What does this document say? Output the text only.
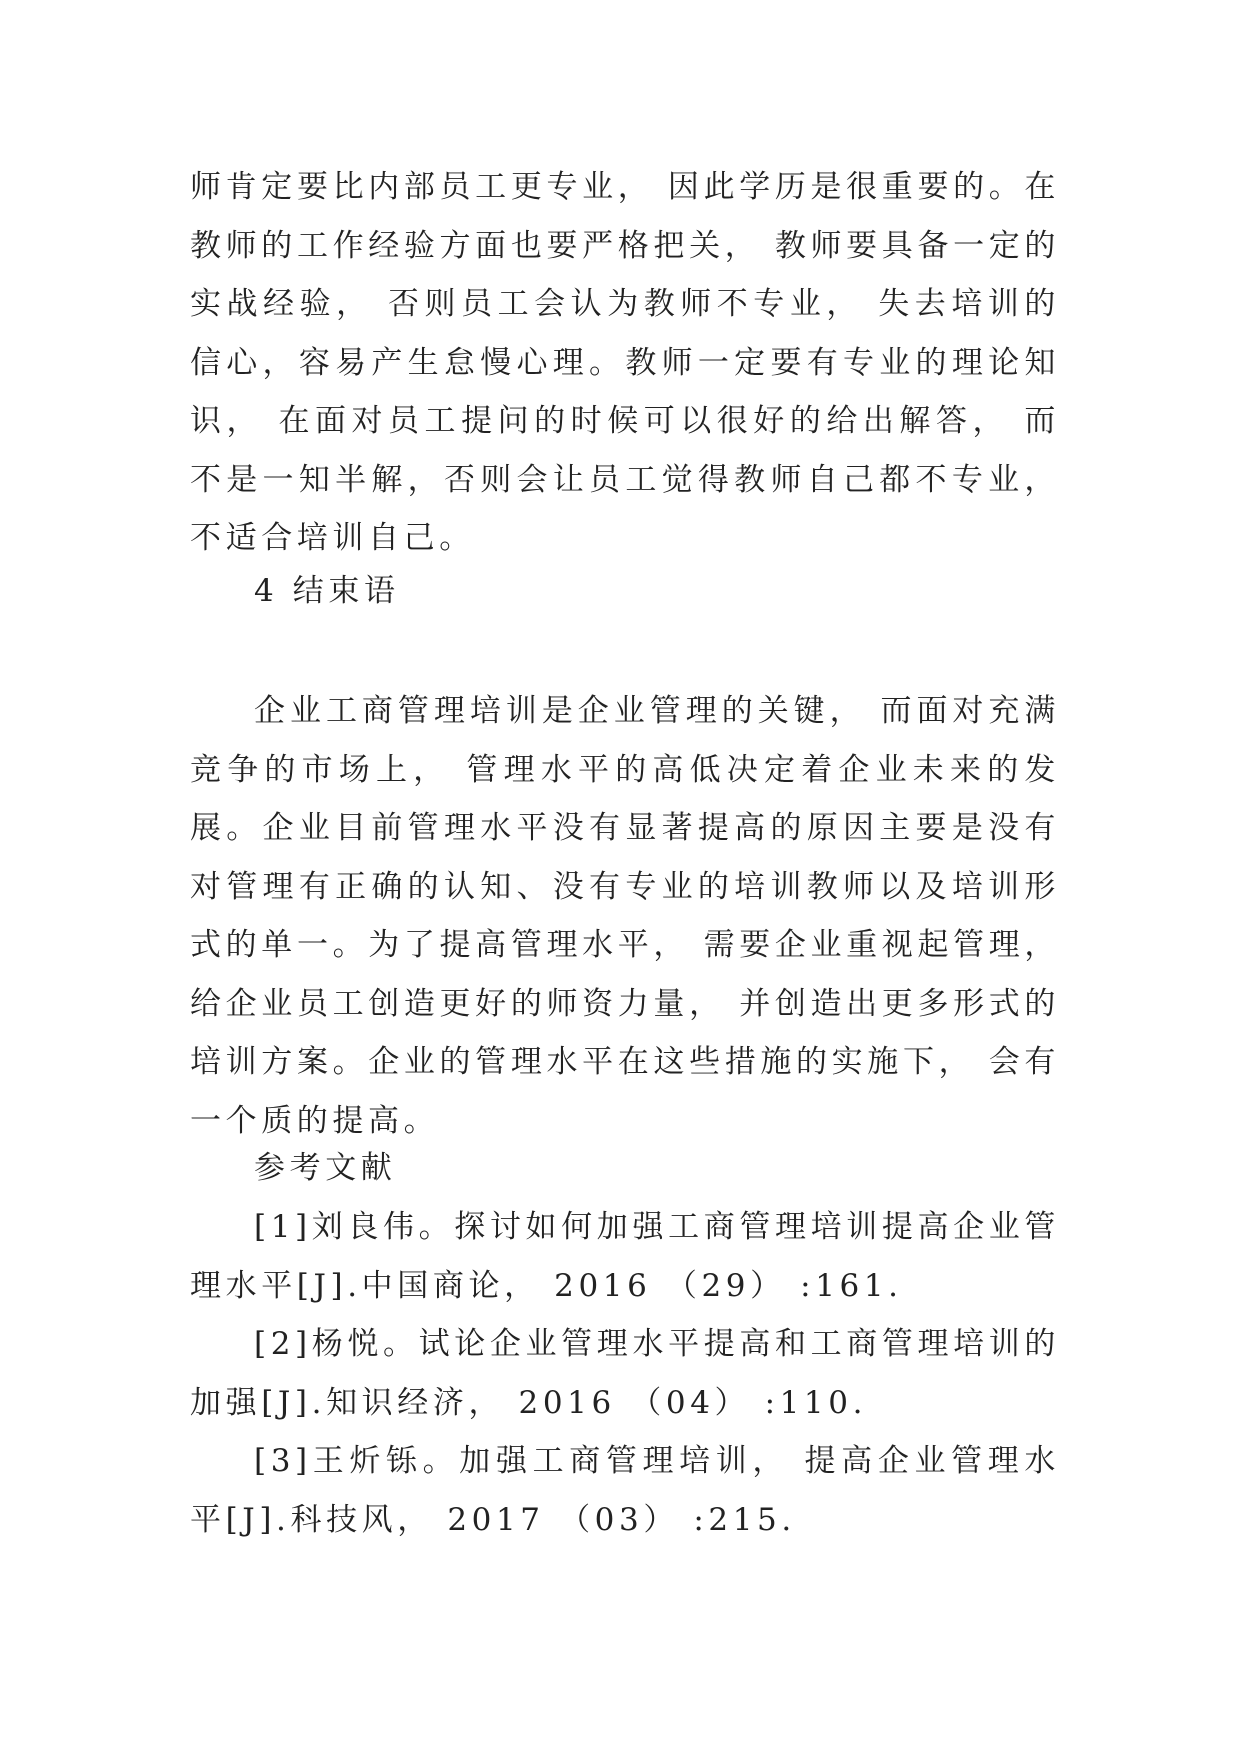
师肯定要比内部员工更专业， 因此学历是很重要的。在教师的工作经验方面也要严格把关， 教师要具备一定的实战经验， 否则员工会认为教师不专业， 失去培训的信心，容易产生怠慢心理。教师一定要有专业的理论知识， 在面对员工提问的时候可以很好的给出解答， 而不是一知半解，否则会让员工觉得教师自己都不专业， 不适合培训自己。

4 结束语

企业工商管理培训是企业管理的关键， 而面对充满竞争的市场上， 管理水平的高低决定着企业未来的发展。企业目前管理水平没有显著提高的原因主要是没有对管理有正确的认知、没有专业的培训教师以及培训形式的单一。为了提高管理水平， 需要企业重视起管理， 给企业员工创造更好的师资力量， 并创造出更多形式的培训方案。企业的管理水平在这些措施的实施下， 会有一个质的提高。

参考文献

[1]刘良伟。探讨如何加强工商管理培训提高企业管理水平[J].中国商论， 2016 （29） :161.

[2]杨悦。试论企业管理水平提高和工商管理培训的加强[J].知识经济， 2016 （04） :110.

[3]王炘铄。加强工商管理培训， 提高企业管理水平[J].科技风， 2017 （03） :215.
